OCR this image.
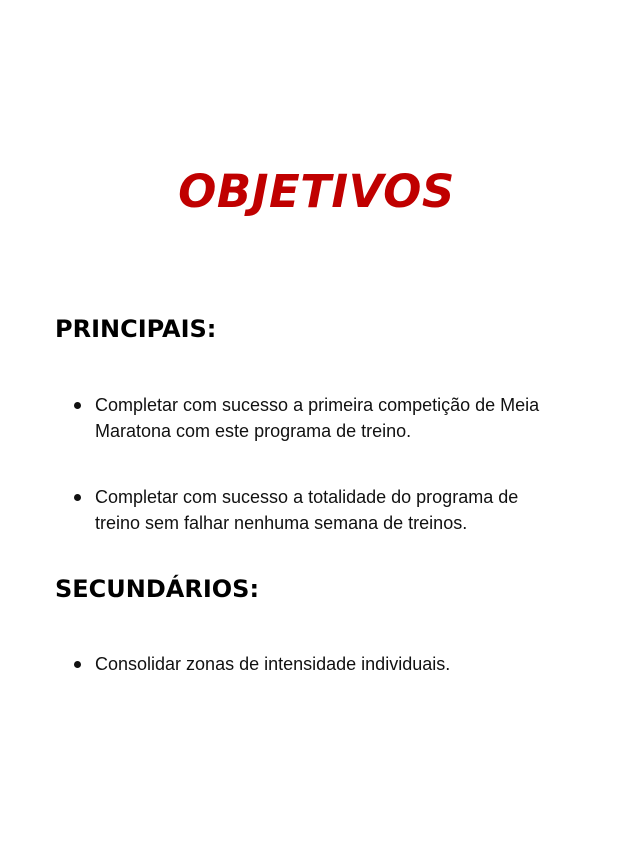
OBJETIVOS
PRINCIPAIS:
Completar com sucesso a primeira competição de Meia Maratona com este programa de treino.
Completar com sucesso a totalidade do programa de treino sem falhar nenhuma semana de treinos.
SECUNDÁRIOS:
Consolidar zonas de intensidade individuais.
